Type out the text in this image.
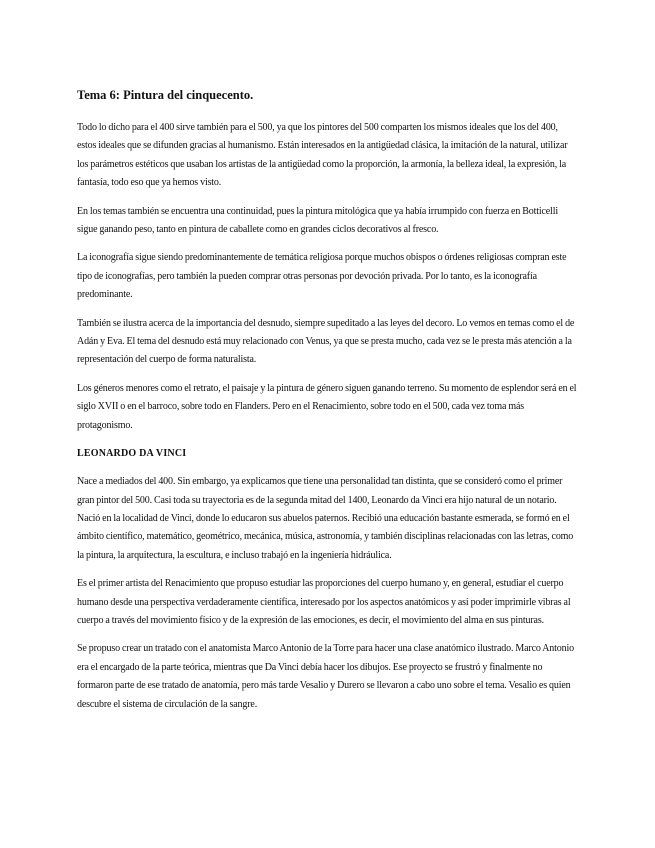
Tema 6: Pintura del cinquecento.

Todo lo dicho para el 400 sirve también para el 500, ya que los pintores del 500 comparten los mismos ideales que los del 400, estos ideales que se difunden gracias al humanismo. Están interesados en la antigüedad clásica, la imitación de la natural, utilizar los parámetros estéticos que usaban los artistas de la antigüedad como la proporción, la armonía, la belleza ideal, la expresión, la fantasía, todo eso que ya hemos visto.

En los temas también se encuentra una continuidad, pues la pintura mitológica que ya había irrumpido con fuerza en Botticelli sigue ganando peso, tanto en pintura de caballete como en grandes ciclos decorativos al fresco.

La iconografía sigue siendo predominantemente de temática religiosa porque muchos obispos o órdenes religiosas compran este tipo de iconografías, pero también la pueden comprar otras personas por devoción privada. Por lo tanto, es la iconografía predominante.

También se ilustra acerca de la importancia del desnudo, siempre supeditado a las leyes del decoro. Lo vemos en temas como el de Adán y Eva. El tema del desnudo está muy relacionado con Venus, ya que se presta mucho, cada vez se le presta más atención a la representación del cuerpo de forma naturalista.

Los géneros menores como el retrato, el paisaje y la pintura de género siguen ganando terreno. Su momento de esplendor será en el siglo XVII o en el barroco, sobre todo en Flanders. Pero en el Renacimiento, sobre todo en el 500, cada vez toma más protagonismo.

LEONARDO DA VINCI

Nace a mediados del 400. Sin embargo, ya explicamos que tiene una personalidad tan distinta, que se consideró como el primer gran pintor del 500. Casi toda su trayectoria es de la segunda mitad del 1400, Leonardo da Vinci era hijo natural de un notario. Nació en la localidad de Vinci, donde lo educaron sus abuelos paternos. Recibió una educación bastante esmerada, se formó en el ámbito científico, matemático, geométrico, mecánica, música, astronomía, y también disciplinas relacionadas con las letras, como la pintura, la arquitectura, la escultura, e incluso trabajó en la ingeniería hidráulica.

Es el primer artista del Renacimiento que propuso estudiar las proporciones del cuerpo humano y, en general, estudiar el cuerpo humano desde una perspectiva verdaderamente científica, interesado por los aspectos anatómicos y así poder imprimirle vibras al cuerpo a través del movimiento físico y de la expresión de las emociones, es decir, el movimiento del alma en sus pinturas.

Se propuso crear un tratado con el anatomista Marco Antonio de la Torre para hacer una clase anatómico ilustrado. Marco Antonio era el encargado de la parte teórica, mientras que Da Vinci debía hacer los dibujos. Ese proyecto se frustró y finalmente no formaron parte de ese tratado de anatomía, pero más tarde Vesalio y Durero se llevaron a cabo uno sobre el tema. Vesalio es quien descubre el sistema de circulación de la sangre.
